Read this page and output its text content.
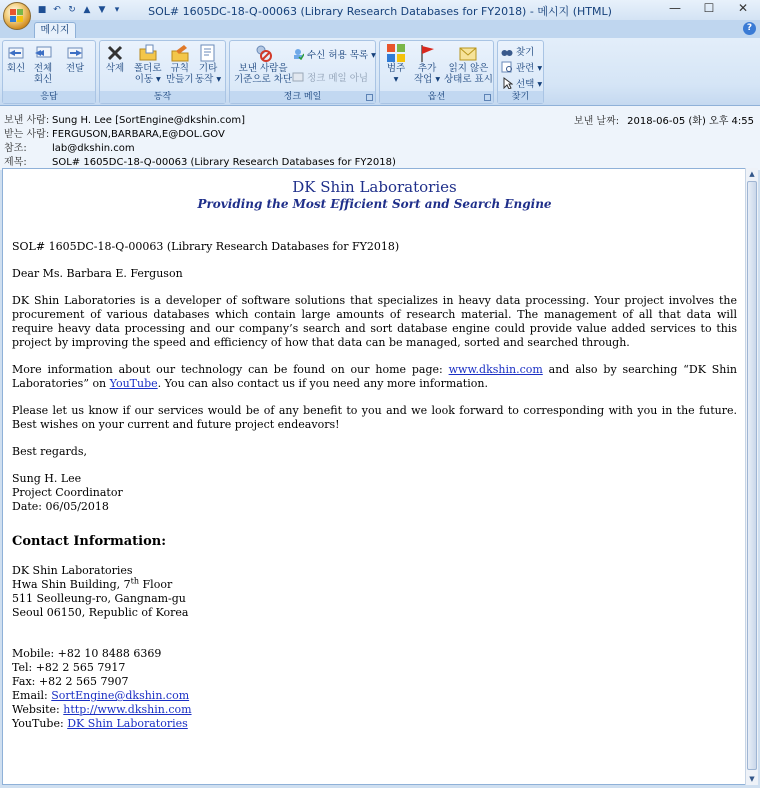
■ ↶ ↻ ▲ ▼	▾	SOL# 1605DC-18-Q-00063 (Library Research Databases for FY2018) - 메시지 (HTML)	—	☐	✕
메시지	?
회신 전체
회신
전달
응답
삭제 폴더로
이동 ▾
규칙
만들기
기타
동작 ▾
동작
보낸 사람을
기준으로 차단
수신 허용 목록 ▾
정크 메일 아님
정크 메일
범주
▾
추가
작업 ▾
읽지 않은
상태로 표시
옵션
찾기
관련 ▾
선택 ▾
찾기
보낸 사람: Sung H. Lee [SortEngine@dkshin.com]
받는 사람: FERGUSON,BARBARA,E@DOL.GOV
참조:	lab@dkshin.com
제목:	SOL# 1605DC-18-Q-00063 (Library Research Databases for FY2018)
보낸 날짜: 2018-06-05 (화) 오후 4:55
▲
▼
DK Shin Laboratories
Providing the Most Efficient Sort and Search Engine
SOL# 1605DC-18-Q-00063 (Library Research Databases for FY2018)
Dear Ms. Barbara E. Ferguson
DK Shin Laboratories is a developer of software solutions that specializes in heavy data processing. Your project involves the procurement of various databases which contain large amounts of research material. The management of all that data will require heavy data processing and our company’s search and sort database engine could provide value added services to this project by improving the speed and efficiency of how that data can be managed, sorted and searched through.
More information about our technology can be found on our home page: www.dkshin.com and also by searching “DK Shin Laboratories” on YouTube. You can also contact us if you need any more information.
Please let us know if our services would be of any benefit to you and we look forward to corresponding with you in the future. Best wishes on your current and future project endeavors!
Best regards,
Sung H. Lee
Project Coordinator
Date: 06/05/2018
Contact Information:
DK Shin Laboratories
Hwa Shin Building, 7th Floor
511 Seolleung-ro, Gangnam-gu
Seoul 06150, Republic of Korea
Mobile: +82 10 8488 6369
Tel: +82 2 565 7917
Fax: +82 2 565 7907
Email: SortEngine@dkshin.com
Website: http://www.dkshin.com
YouTube: DK Shin Laboratories
